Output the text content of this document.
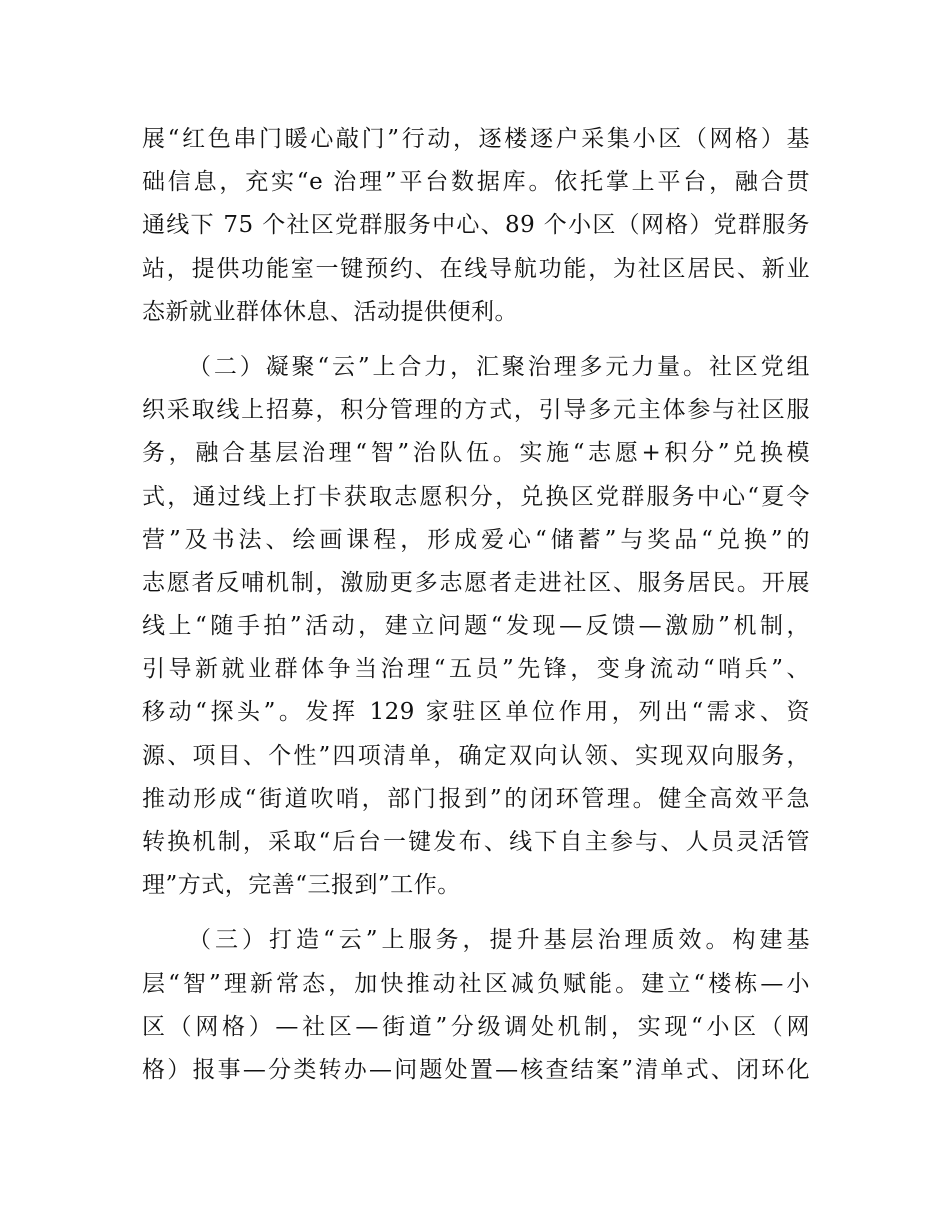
展“红色串门暖心敲门”行动，逐楼逐户采集小区（网格）基
础信息，充实“e 治理”平台数据库。依托掌上平台，融合贯
通线下 75 个社区党群服务中心、89 个小区（网格）党群服务
站，提供功能室一键预约、在线导航功能，为社区居民、新业
态新就业群体休息、活动提供便利。
（二）凝聚“云”上合力，汇聚治理多元力量。社区党组
织采取线上招募，积分管理的方式，引导多元主体参与社区服
务，融合基层治理“智”治队伍。实施“志愿+积分”兑换模
式，通过线上打卡获取志愿积分，兑换区党群服务中心“夏令
营”及书法、绘画课程，形成爱心“储蓄”与奖品“兑换”的
志愿者反哺机制，激励更多志愿者走进社区、服务居民。开展
线上“随手拍”活动，建立问题“发现—反馈—激励”机制，
引导新就业群体争当治理“五员”先锋，变身流动“哨兵”、
移动“探头”。发挥 129 家驻区单位作用，列出“需求、资
源、项目、个性”四项清单，确定双向认领、实现双向服务，
推动形成“街道吹哨，部门报到”的闭环管理。健全高效平急
转换机制，采取“后台一键发布、线下自主参与、人员灵活管
理”方式，完善“三报到”工作。
（三）打造“云”上服务，提升基层治理质效。构建基
层“智”理新常态，加快推动社区减负赋能。建立“楼栋—小
区（网格）—社区—街道”分级调处机制，实现“小区（网
格）报事—分类转办—问题处置—核查结案”清单式、闭环化
